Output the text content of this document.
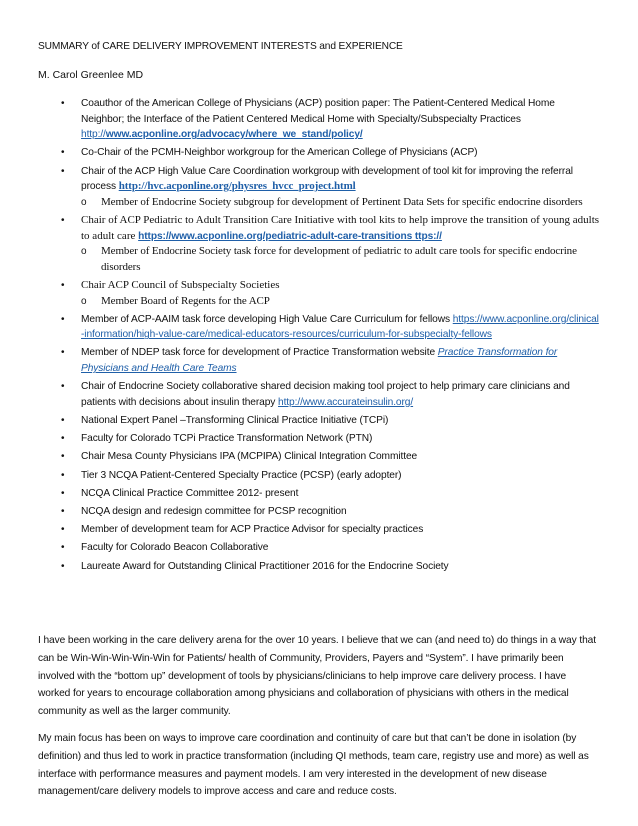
SUMMARY of CARE DELIVERY IMPROVEMENT INTERESTS and EXPERIENCE
M. Carol Greenlee MD
• Coauthor of the American College of Physicians (ACP) position paper: The Patient-Centered Medical Home Neighbor; the Interface of the Patient Centered Medical Home with Specialty/Subspecialty Practices http://www.acponline.org/advocacy/where_we_stand/policy/
• Co-Chair of the PCMH-Neighbor workgroup for the American College of Physicians (ACP)
• Chair of the ACP High Value Care Coordination workgroup with development of tool kit for improving the referral process http://hvc.acponline.org/physres_hvcc_project.html
o Member of Endocrine Society subgroup for development of Pertinent Data Sets for specific endocrine disorders
• Chair of ACP Pediatric to Adult Transition Care Initiative with tool kits to help improve the transition of young adults to adult care https://www.acponline.org/pediatric-adult-care-transitions ttps://
o Member of Endocrine Society task force for development of pediatric to adult care tools for specific endocrine disorders
• Chair ACP Council of Subspecialty Societies
o Member Board of Regents for the ACP
• Member of ACP-AAIM task force developing High Value Care Curriculum for fellows https://www.acponline.org/clinical-information/high-value-care/medical-educators-resources/curriculum-for-subspecialty-fellows
• Member of NDEP task force for development of Practice Transformation website Practice Transformation for Physicians and Health Care Teams
• Chair of Endocrine Society collaborative shared decision making tool project to help primary care clinicians and patients with decisions about insulin therapy http://www.accurateinsulin.org/
• National Expert Panel –Transforming Clinical Practice Initiative (TCPi)
• Faculty for Colorado TCPi Practice Transformation Network (PTN)
• Chair Mesa County Physicians IPA (MCPIPA) Clinical Integration Committee
• Tier 3 NCQA Patient-Centered Specialty Practice (PCSP) (early adopter)
• NCQA Clinical Practice Committee 2012- present
• NCQA design and redesign committee for PCSP recognition
• Member of development team for ACP Practice Advisor for specialty practices
• Faculty for Colorado Beacon Collaborative
• Laureate Award for Outstanding Clinical Practitioner 2016 for the Endocrine Society

I have been working in the care delivery arena for the over 10 years. I believe that we can (and need to) do things in a way that can be Win-Win-Win-Win-Win for Patients/ health of Community, Providers, Payers and “System”. I have primarily been involved with the “bottom up” development of tools by physicians/clinicians to help improve care delivery process. I have worked for years to encourage collaboration among physicians and collaboration of physicians with others in the medical community as well as the larger community.

My main focus has been on ways to improve care coordination and continuity of care but that can’t be done in isolation (by definition) and thus led to work in practice transformation (including QI methods, team care, registry use and more) as well as interface with performance measures and payment models. I am very interested in the development of new disease management/care delivery models to improve access and care and reduce costs.
